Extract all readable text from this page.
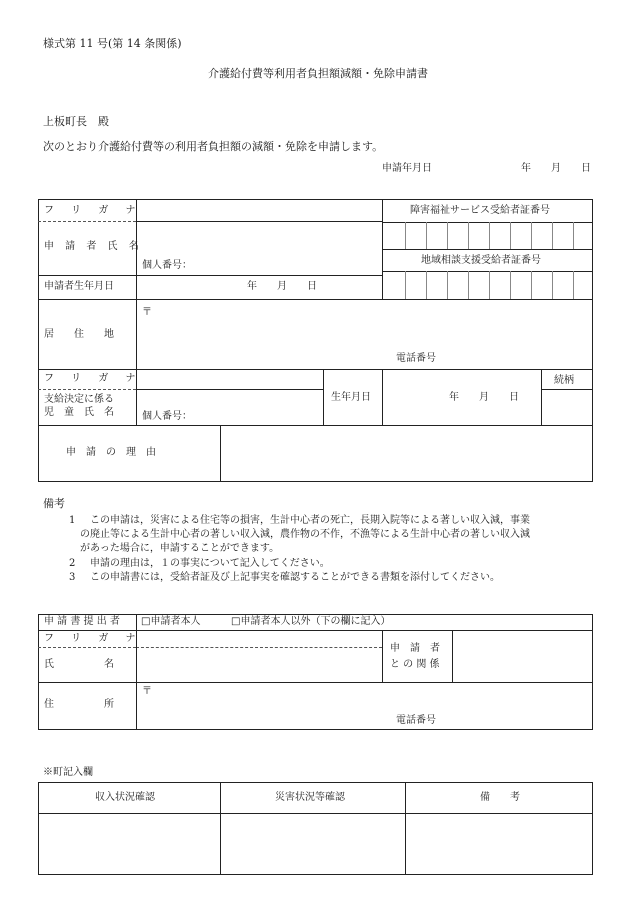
様式第 11 号(第 14 条関係)
介護給付費等利用者負担額減額・免除申請書
上板町長　殿
次のとおり介護給付費等の利用者負担額の減額・免除を申請します。
申請年月日	年　　月　　日
フ リ ガ ナ
申 請 者 氏 名
個人番号：
障害福祉サービス受給者証番号
地域相談支援受給者証番号
申請者生年月日	年　　月　　日
居　　住　　地
〒
電話番号
フ リ ガ ナ
支給決定に係る
児　童　氏　名	個人番号：
生年月日	年　　月　　日
続柄
申　請　の　理　由
備考
1 この申請は，災害による住宅等の損害，生計中心者の死亡，長期入院等による著しい収入減，事業
の廃止等による生計中心者の著しい収入減，農作物の不作，不漁等による生計中心者の著しい収入減
があった場合に，申請することができます。
2 申請の理由は，１の事実について記入してください。
3 この申請書には，受給者証及び上記事実を確認することができる書類を添付してください。
申 請 書 提 出 者 □申請者本人	□申請者本人以外（下の欄に記入）
フ リ ガ ナ
氏　　　　　名
申　請　者
と の 関 係
住　　　　　所
〒
電話番号
※町記入欄
収入状況確認	災害状況等確認	備　　考
